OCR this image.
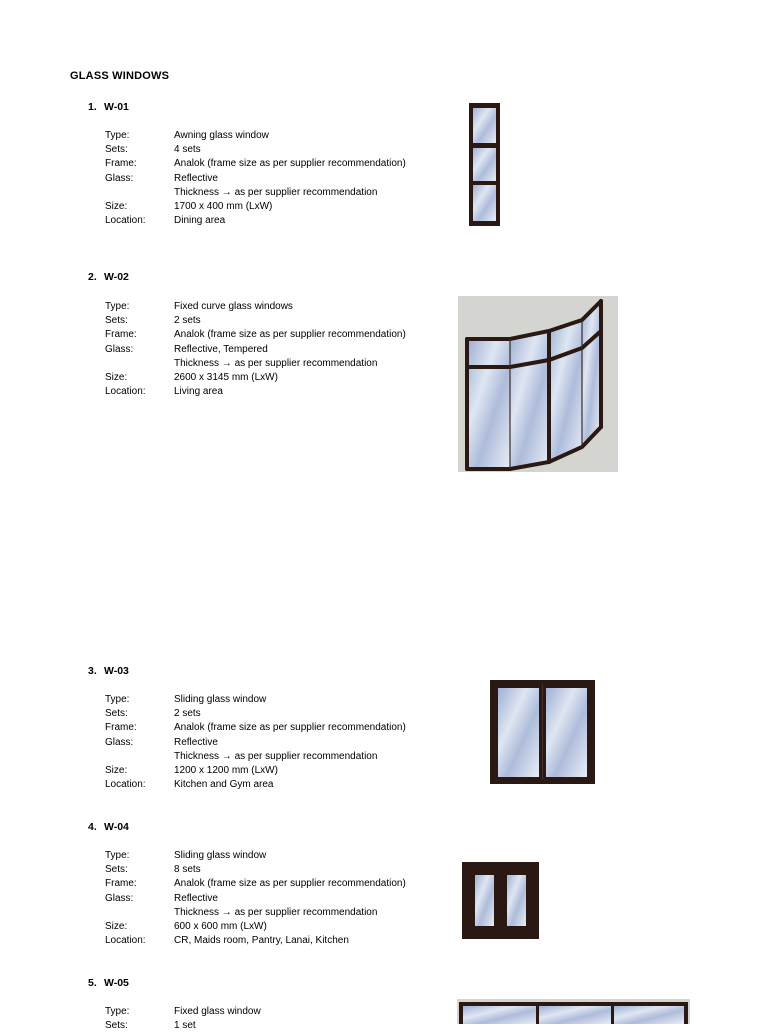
GLASS WINDOWS
1. W-01
Type:	Awning glass window
Sets:	4 sets
Frame:	Analok (frame size as per supplier recommendation)
Glass:	Reflective
Thickness → as per supplier recommendation
Size:	1700 x 400 mm (LxW)
Location:	Dining area
2. W-02
Type:	Fixed curve glass windows
Sets:	2 sets
Frame:	Analok (frame size as per supplier recommendation)
Glass:	Reflective, Tempered
Thickness → as per supplier recommendation
Size:	2600 x 3145 mm (LxW)
Location:	Living area
3. W-03
Type:	Sliding glass window
Sets:	2 sets
Frame:	Analok (frame size as per supplier recommendation)
Glass:	Reflective
Thickness → as per supplier recommendation
Size:	1200 x 1200 mm (LxW)
Location:	Kitchen and Gym area
4. W-04
Type:	Sliding glass window
Sets:	8 sets
Frame:	Analok (frame size as per supplier recommendation)
Glass:	Reflective
Thickness → as per supplier recommendation
Size:	600 x 600 mm (LxW)
Location:	CR, Maids room, Pantry, Lanai, Kitchen
5. W-05
Type:	Fixed glass window
Sets:	1 set
